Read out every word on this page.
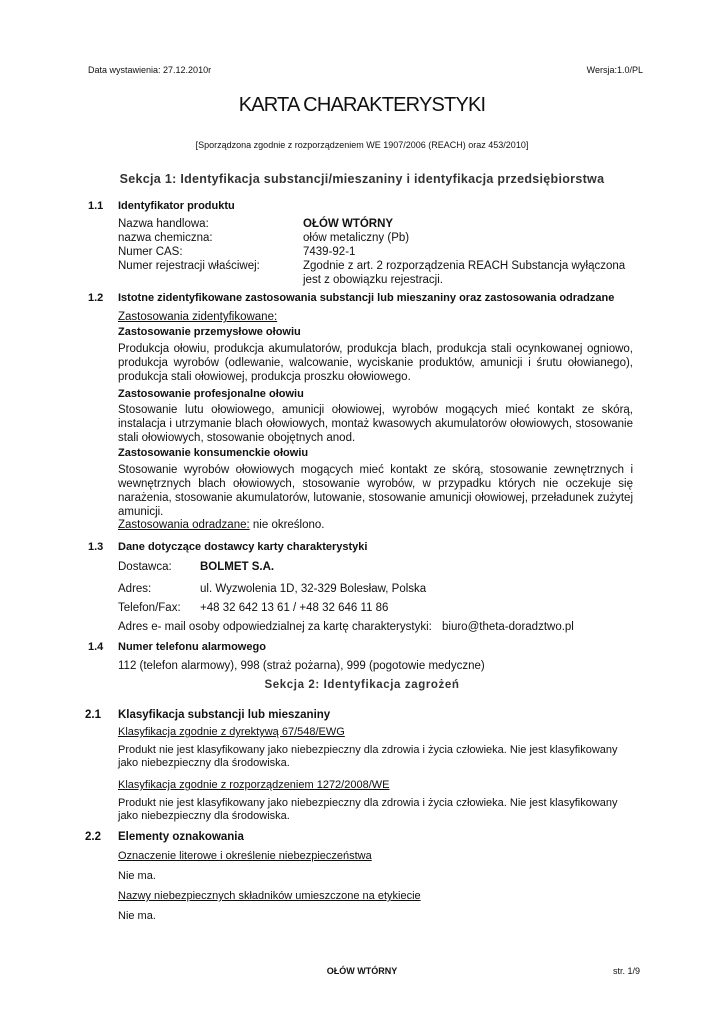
Data wystawienia: 27.12.2010r	Wersja:1.0/PL
KARTA CHARAKTERYSTYKI
[Sporządzona zgodnie z rozporządzeniem WE 1907/2006 (REACH) oraz 453/2010]
Sekcja 1: Identyfikacja substancji/mieszaniny i identyfikacja przedsiębiorstwa
1.1 Identyfikator produktu
Nazwa handlowa:	OŁÓW WTÓRNY
nazwa chemiczna:	ołów metaliczny (Pb)
Numer CAS:	7439-92-1
Numer rejestracji właściwej:	Zgodnie z art. 2 rozporządzenia REACH Substancja wyłączona jest z obowiązku rejestracji.
1.2 Istotne zidentyfikowane zastosowania substancji lub mieszaniny oraz zastosowania odradzane
Zastosowania zidentyfikowane:
Zastosowanie przemysłowe ołowiu
Produkcja ołowiu, produkcja akumulatorów, produkcja blach, produkcja stali ocynkowanej ogniowo, produkcja wyrobów (odlewanie, walcowanie, wyciskanie produktów, amunicji i śrutu ołowianego), produkcja stali ołowiowej, produkcja proszku ołowiowego.
Zastosowanie profesjonalne ołowiu
Stosowanie lutu ołowiowego, amunicji ołowiowej, wyrobów mogących mieć kontakt ze skórą, instalacja i utrzymanie blach ołowiowych, montaż kwasowych akumulatorów ołowiowych, stosowanie stali ołowiowych, stosowanie obojętnych anod.
Zastosowanie konsumenckie ołowiu
Stosowanie wyrobów ołowiowych mogących mieć kontakt ze skórą, stosowanie zewnętrznych i wewnętrznych blach ołowiowych, stosowanie wyrobów, w przypadku których nie oczekuje się narażenia, stosowanie akumulatorów, lutowanie, stosowanie amunicji ołowiowej, przeładunek zużytej amunicji.
Zastosowania odradzane: nie określono.
1.3 Dane dotyczące dostawcy karty charakterystyki
Dostawca: BOLMET S.A.
Adres:	ul. Wyzwolenia 1D, 32-329 Bolesław, Polska
Telefon/Fax: +48 32 642 13 61 / +48 32 646 11 86
Adres e- mail osoby odpowiedzialnej za kartę charakterystyki: biuro@theta-doradztwo.pl
1.4 Numer telefonu alarmowego
112 (telefon alarmowy), 998 (straż pożarna), 999 (pogotowie medyczne)
Sekcja 2: Identyfikacja zagrożeń
2.1 Klasyfikacja substancji lub mieszaniny
Klasyfikacja zgodnie z dyrektywą 67/548/EWG
Produkt nie jest klasyfikowany jako niebezpieczny dla zdrowia i życia człowieka. Nie jest klasyfikowany jako niebezpieczny dla środowiska.
Klasyfikacja zgodnie z rozporządzeniem 1272/2008/WE
Produkt nie jest klasyfikowany jako niebezpieczny dla zdrowia i życia człowieka. Nie jest klasyfikowany jako niebezpieczny dla środowiska.
2.2 Elementy oznakowania
Oznaczenie literowe i określenie niebezpieczeństwa
Nie ma.
Nazwy niebezpiecznych składników umieszczone na etykiecie
Nie ma.
OŁÓW WTÓRNY	str. 1/9
